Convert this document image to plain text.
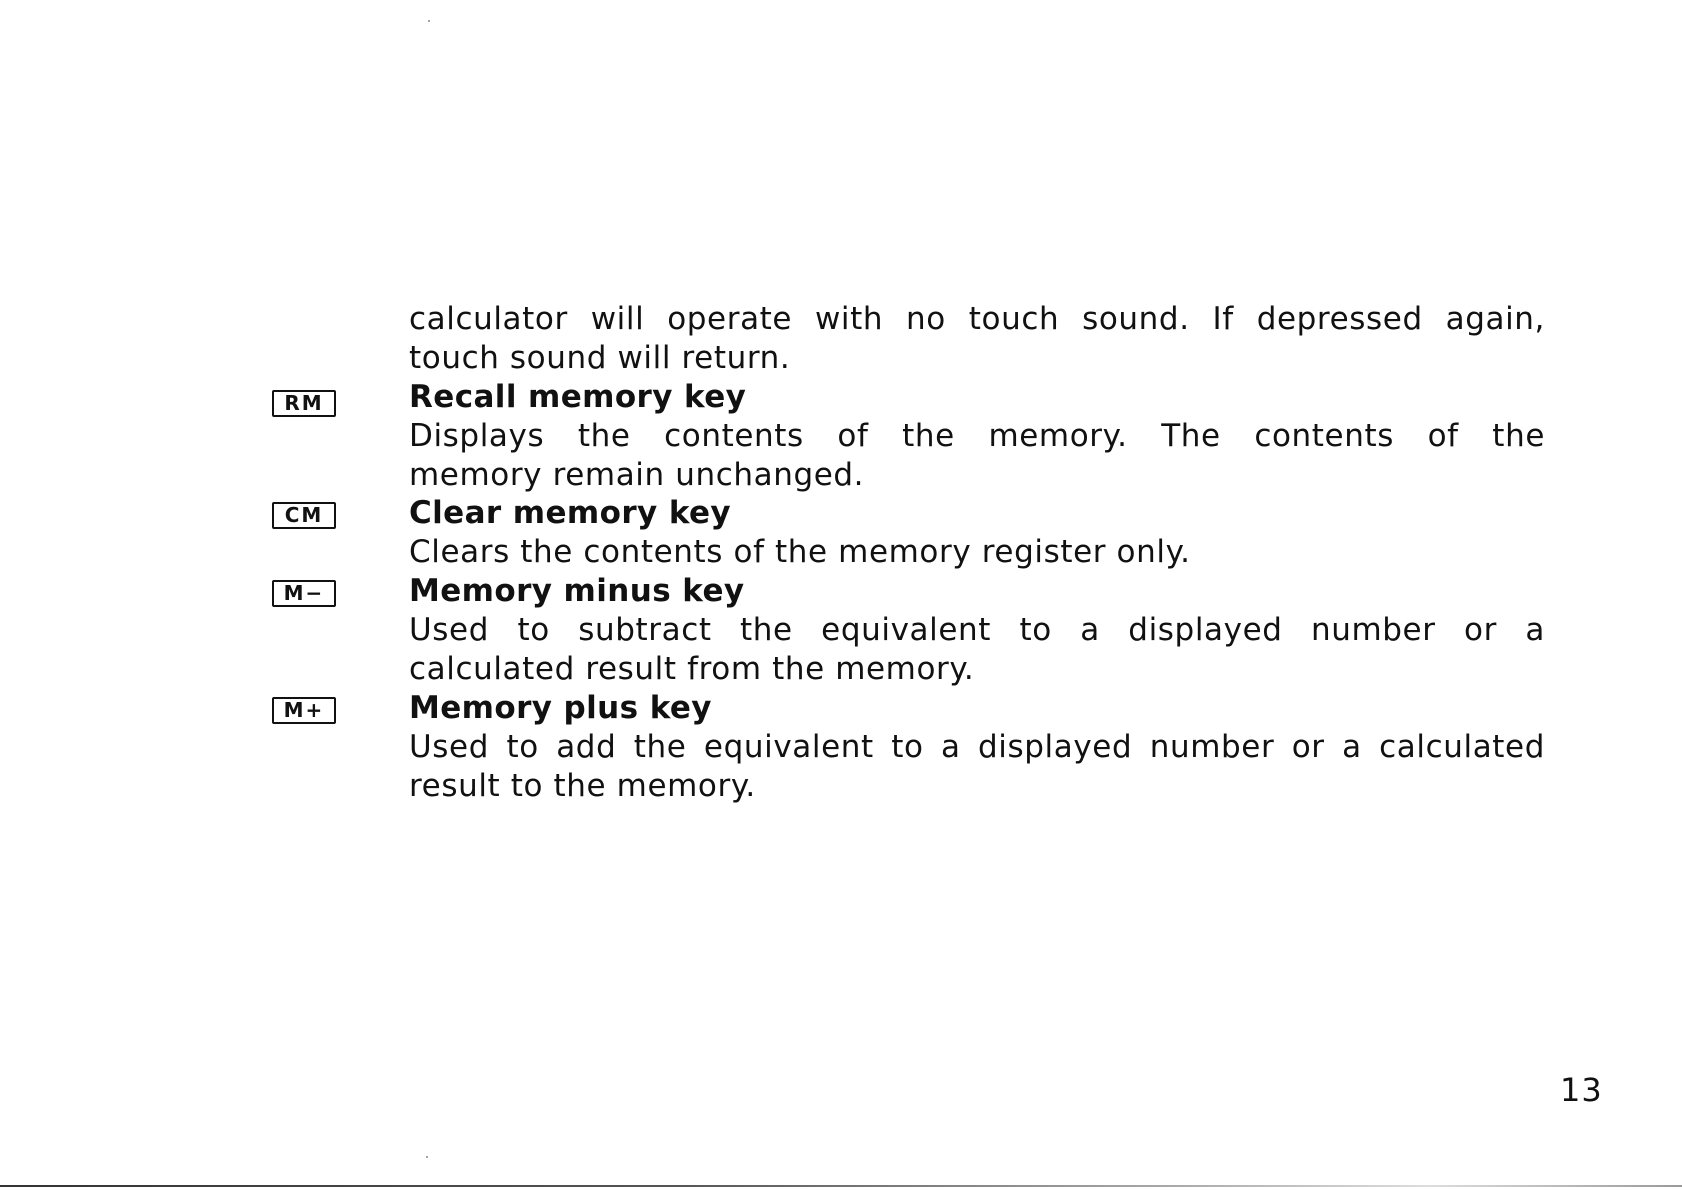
calculator will operate with no touch sound. If depressed again,
touch sound will return.
RM	Recall memory key
Displays the contents of the memory. The contents of the
memory remain unchanged.
CM	Clear memory key
Clears the contents of the memory register only.
M−	Memory minus key
Used to subtract the equivalent to a displayed number or a
calculated result from the memory.
M+	Memory plus key
Used to add the equivalent to a displayed number or a calculated
result to the memory.
13
